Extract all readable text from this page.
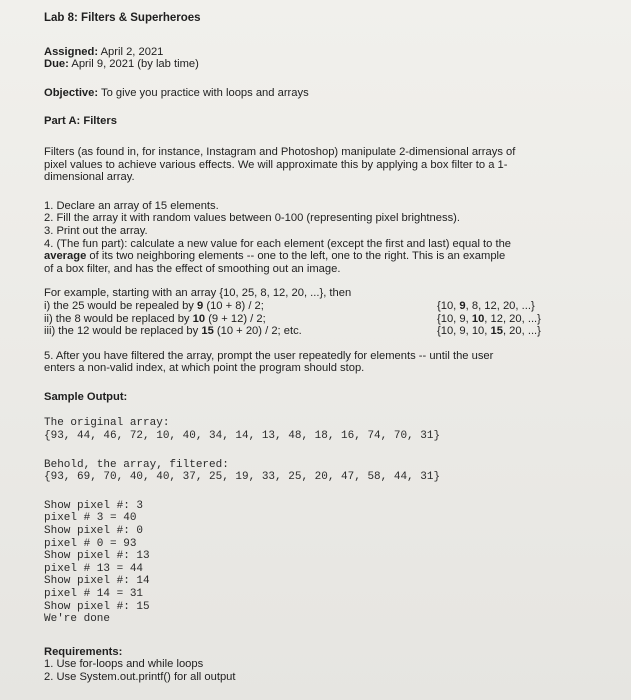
Lab 8: Filters & Superheroes

Assigned: April 2, 2021

Due: April 9, 2021 (by lab time)

Objective: To give you practice with loops and arrays

Part A: Filters

Filters (as found in, for instance, Instagram and Photoshop) manipulate 2-dimensional arrays of

pixel values to achieve various effects. We will approximate this by applying a box filter to a 1-

dimensional array.

1. Declare an array of 15 elements.

2. Fill the array it with random values between 0-100 (representing pixel brightness).

3. Print out the array.

4. (The fun part): calculate a new value for each element (except the first and last) equal to the

average of its two neighboring elements -- one to the left, one to the right. This is an example

of a box filter, and has the effect of smoothing out an image.

For example, starting with an array {10, 25, 8, 12, 20, ...}, then

i) the 25 would be repealed by 9 (10 + 8) / 2;	{10, 9, 8, 12, 20, ...}

ii) the 8 would be replaced by 10 (9 + 12) / 2;	{10, 9, 10, 12, 20, ...}

iii) the 12 would be replaced by 15 (10 + 20) / 2; etc.	{10, 9, 10, 15, 20, ...}

5. After you have filtered the array, prompt the user repeatedly for elements -- until the user

enters a non-valid index, at which point the program should stop.

Sample Output:

The original array:
{93, 44, 46, 72, 10, 40, 34, 14, 13, 48, 18, 16, 74, 70, 31}
Behold, the array, filtered:
{93, 69, 70, 40, 40, 37, 25, 19, 33, 25, 20, 47, 58, 44, 31}
Show pixel #: 3
pixel # 3 = 40
Show pixel #: 0
pixel # 0 = 93
Show pixel #: 13
pixel # 13 = 44
Show pixel #: 14
pixel # 14 = 31
Show pixel #: 15
We're done

Requirements:

1. Use for-loops and while loops

2. Use System.out.printf() for all output
